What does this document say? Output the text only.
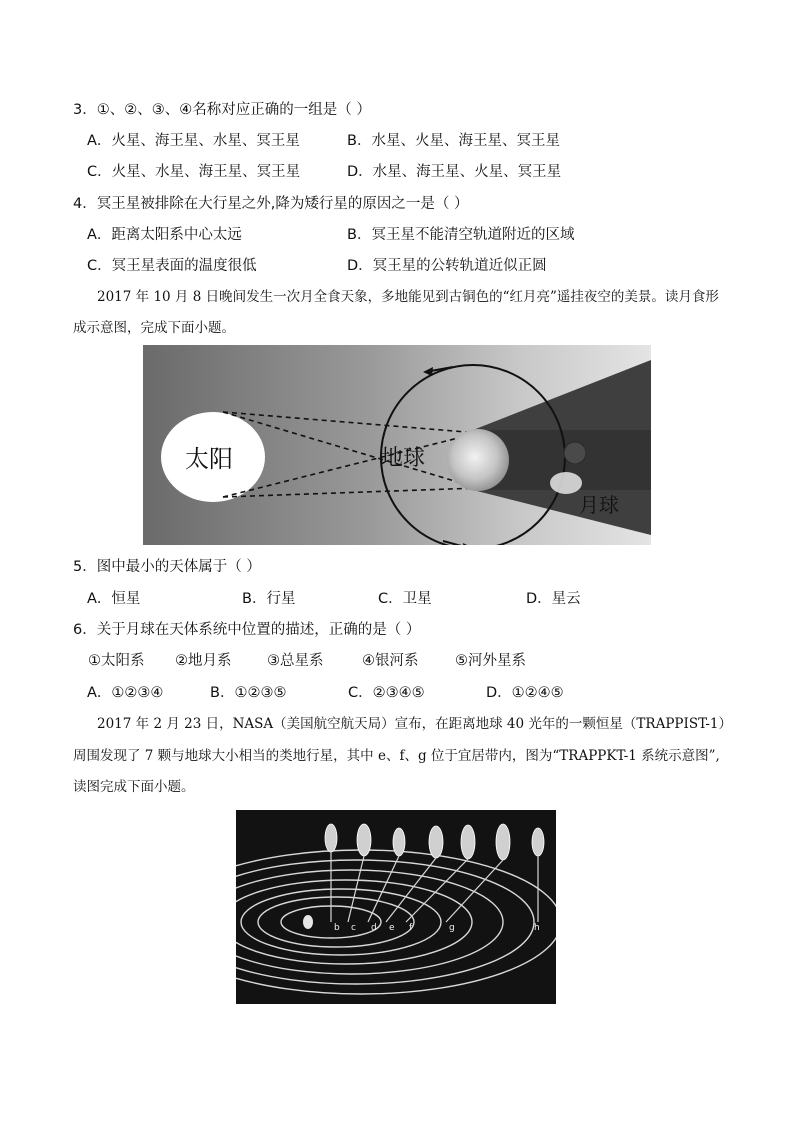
3．①、②、③、④名称对应正确的一组是（ ）
A．火星、海王星、水星、冥王星	B．水星、火星、海王星、冥王星
C．火星、水星、海王星、冥王星	D．水星、海王星、火星、冥王星
4．冥王星被排除在大行星之外,降为矮行星的原因之一是（ ）
A．距离太阳系中心太远	B．冥王星不能清空轨道附近的区域
C．冥王星表面的温度很低	D．冥王星的公转轨道近似正圆
2017 年 10 月 8 日晚间发生一次月全食天象，多地能见到古铜色的“红月亮”遥挂夜空的美景。读月食形
成示意图，完成下面小题。
太阳	地球
月球
5．图中最小的天体属于（ ）
A．恒星	B．行星	C．卫星	D．星云
6．关于月球在天体系统中位置的描述，正确的是（ ）
①太阳系 ②地月系 ③总星系	④银河系	⑤河外星系
A．①②③④	B．①②③⑤	C．②③④⑤	D．①②④⑤
2017 年 2 月 23 日，NASA（美国航空航天局）宣布，在距离地球 40 光年的一颗恒星（TRAPPIST-1）
周围发现了 7 颗与地球大小相当的类地行星，其中 e、f、g 位于宜居带内，图为“TRAPPKT-1 系统示意图”,
读图完成下面小题。
b c d e f	g	h
